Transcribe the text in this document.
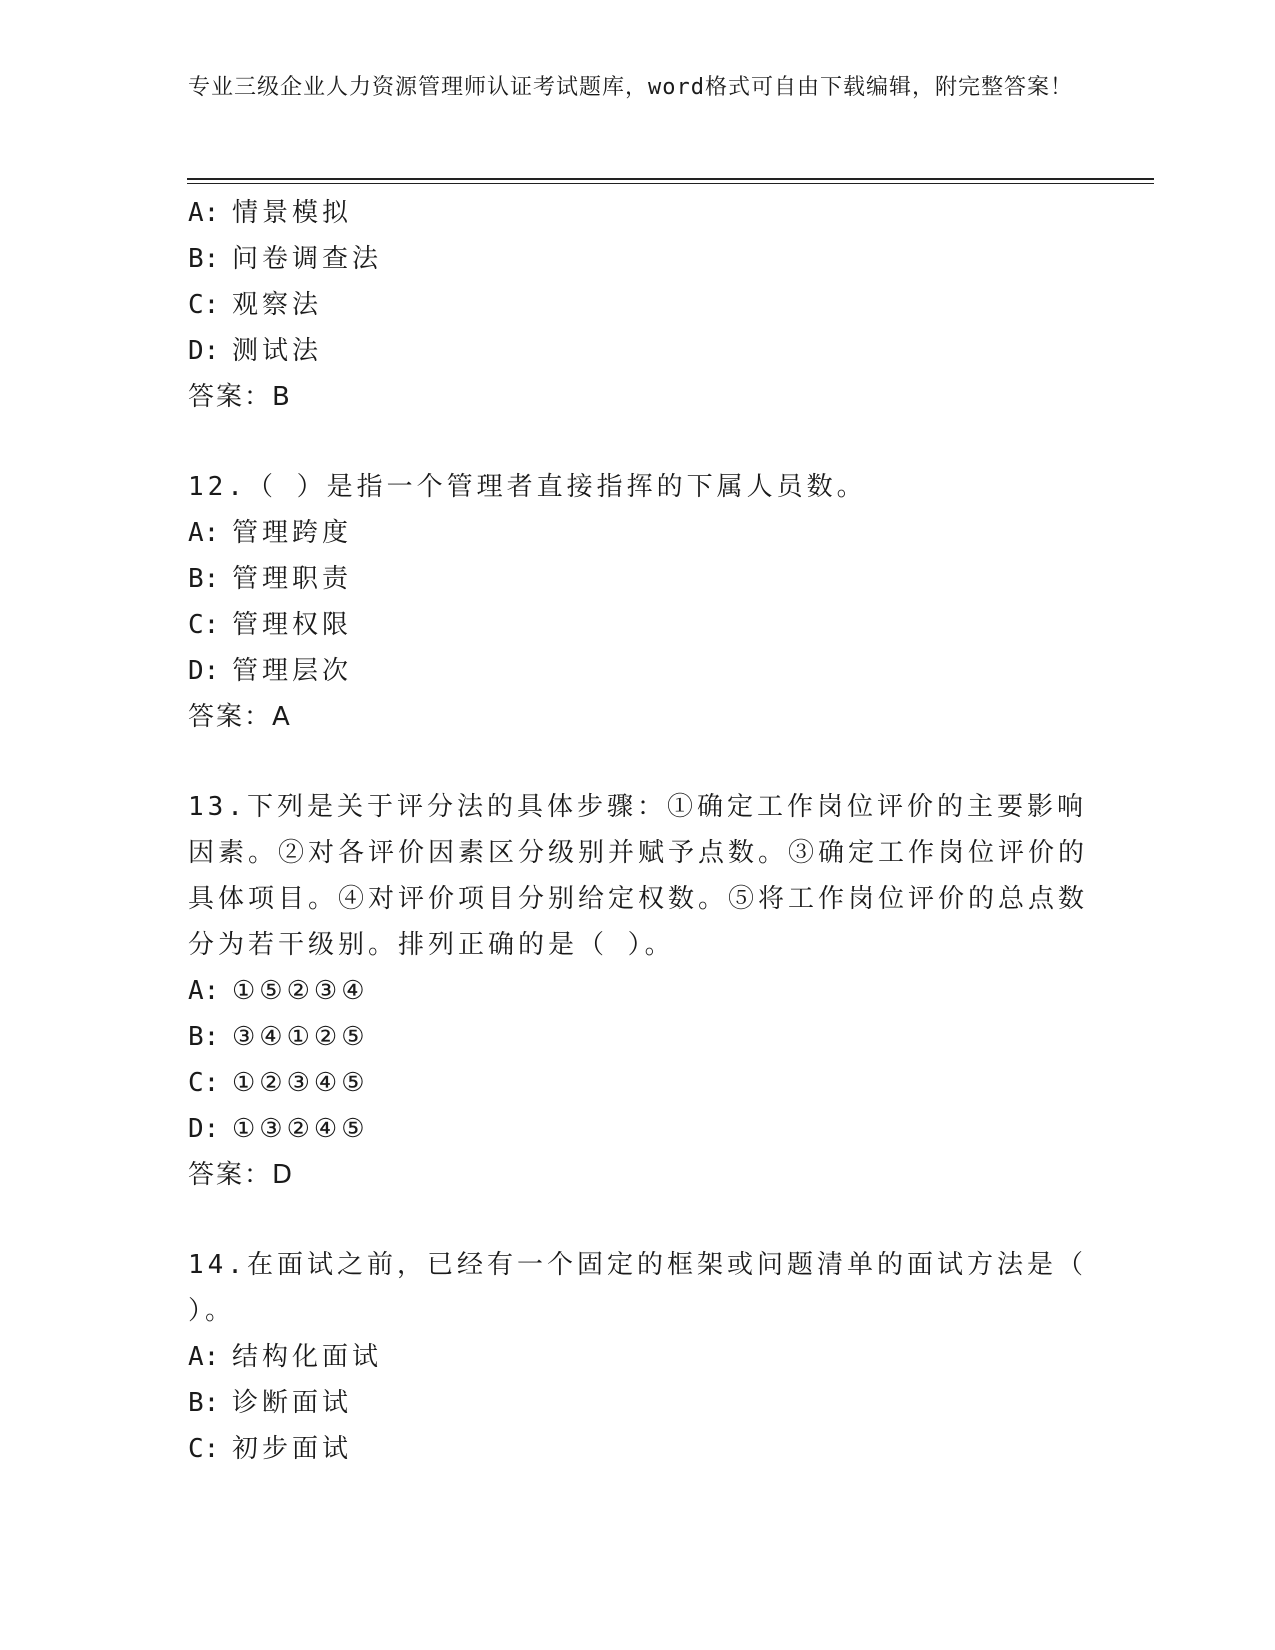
专业三级企业人力资源管理师认证考试题库，word格式可自由下载编辑，附完整答案！
A: 情景模拟
B: 问卷调查法
C: 观察法
D: 测试法
答案：B
12.（ ）是指一个管理者直接指挥的下属人员数。
A: 管理跨度
B: 管理职责
C: 管理权限
D: 管理层次
答案：A
13.下列是关于评分法的具体步骤：①确定工作岗位评价的主要影响因素。②对各评价因素区分级别并赋予点数。③确定工作岗位评价的具体项目。④对评价项目分别给定权数。⑤将工作岗位评价的总点数分为若干级别。排列正确的是（ ）。
A: ①⑤②③④
B: ③④①②⑤
C: ①②③④⑤
D: ①③②④⑤
答案：D
14.在面试之前，已经有一个固定的框架或问题清单的面试方法是（ ）。
A: 结构化面试
B: 诊断面试
C: 初步面试
